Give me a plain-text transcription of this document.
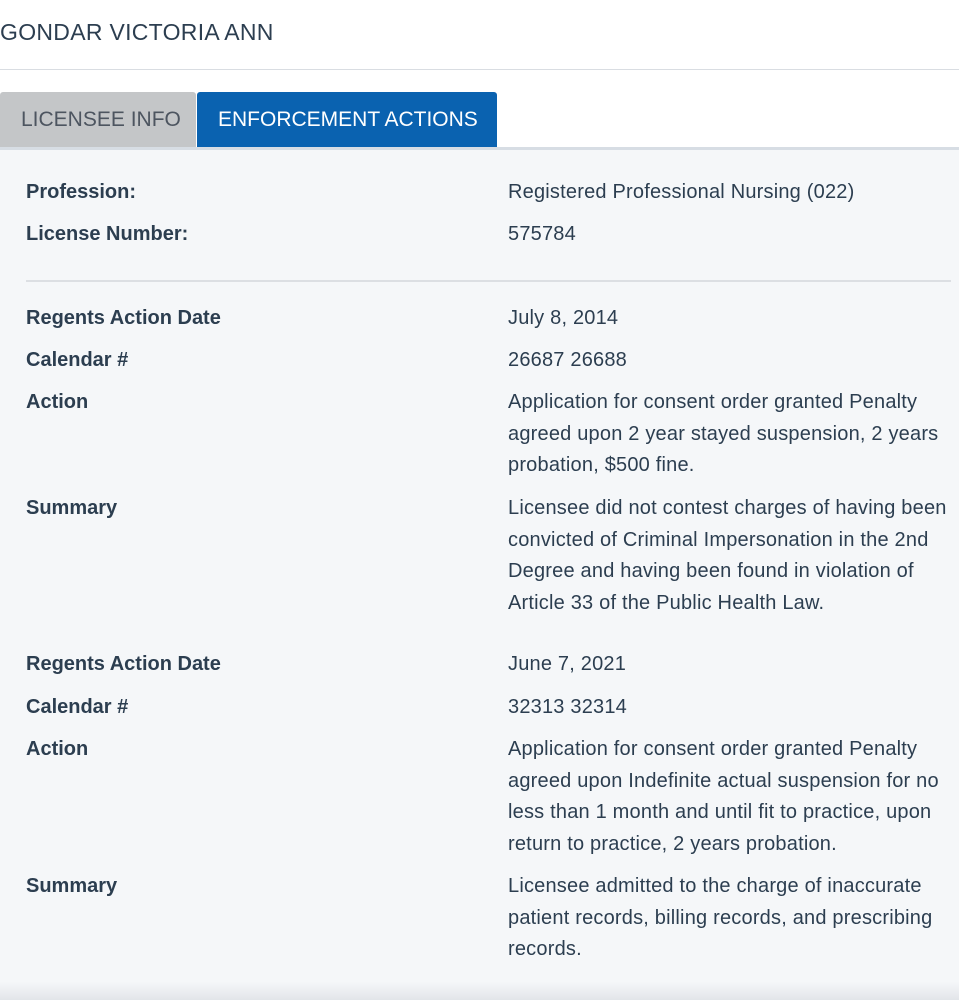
GONDAR VICTORIA ANN
LICENSEE INFO	ENFORCEMENT ACTIONS
Profession:	Registered Professional Nursing (022)
License Number:	575784
Regents Action Date	July 8, 2014
Calendar #	26687 26688
Action	Application for consent order granted Penalty agreed upon 2 year stayed suspension, 2 years probation, $500 fine.
Summary	Licensee did not contest charges of having been convicted of Criminal Impersonation in the 2nd Degree and having been found in violation of Article 33 of the Public Health Law.
Regents Action Date	June 7, 2021
Calendar #	32313 32314
Action	Application for consent order granted Penalty agreed upon Indefinite actual suspension for no less than 1 month and until fit to practice, upon return to practice, 2 years probation.
Summary	Licensee admitted to the charge of inaccurate patient records, billing records, and prescribing records.
